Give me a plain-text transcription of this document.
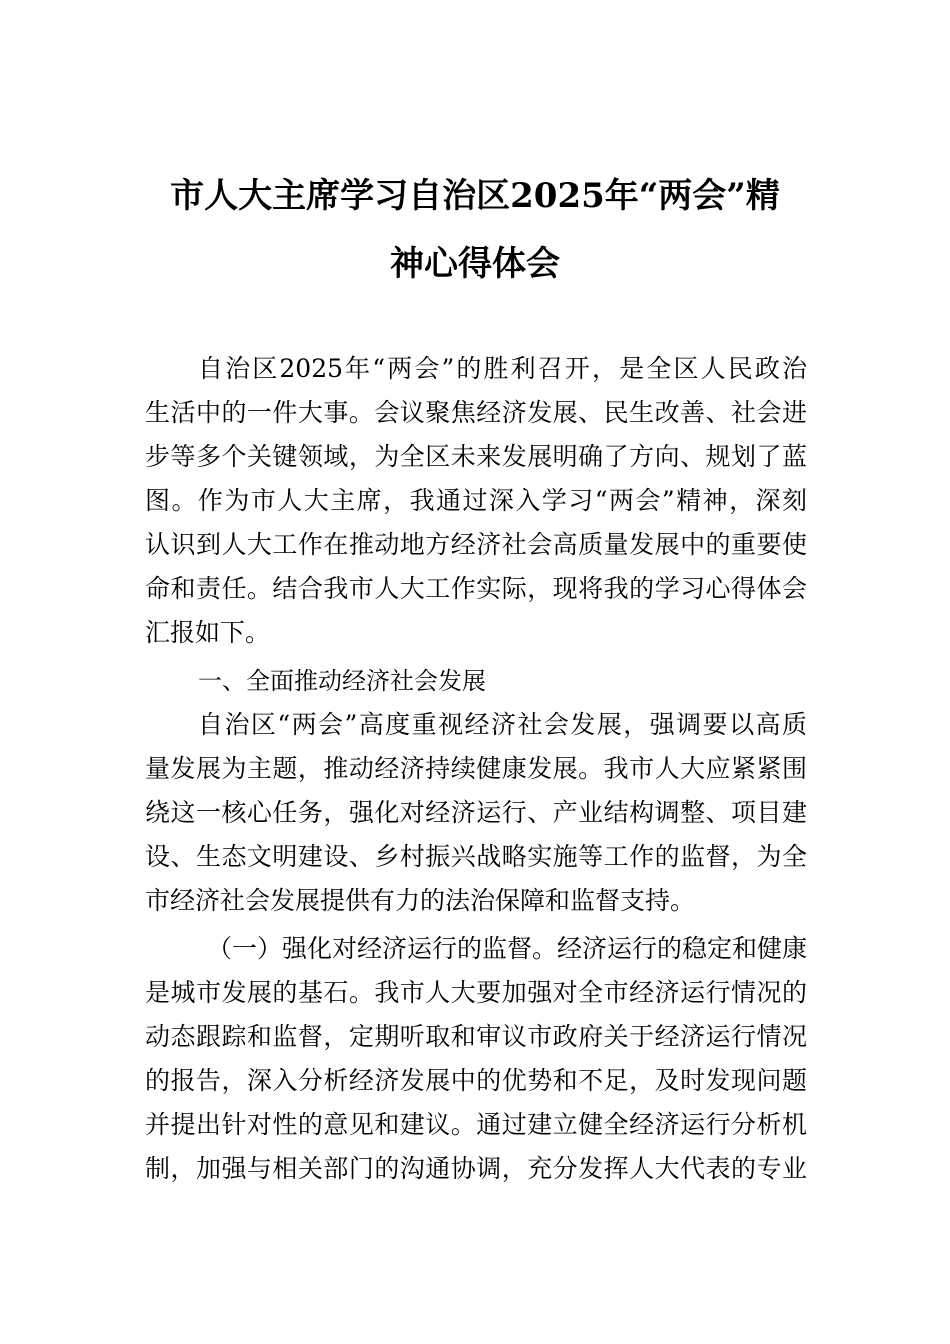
市人大主席学习自治区2025年“两会”精
神心得体会
自治区2025年“两会”的胜利召开，是全区人民政治
生活中的一件大事。会议聚焦经济发展、民生改善、社会进
步等多个关键领域，为全区未来发展明确了方向、规划了蓝
图。作为市人大主席，我通过深入学习“两会”精神，深刻
认识到人大工作在推动地方经济社会高质量发展中的重要使
命和责任。结合我市人大工作实际，现将我的学习心得体会
汇报如下。
一、全面推动经济社会发展
自治区“两会”高度重视经济社会发展，强调要以高质
量发展为主题，推动经济持续健康发展。我市人大应紧紧围
绕这一核心任务，强化对经济运行、产业结构调整、项目建
设、生态文明建设、乡村振兴战略实施等工作的监督，为全
市经济社会发展提供有力的法治保障和监督支持。
（一）强化对经济运行的监督。经济运行的稳定和健康
是城市发展的基石。我市人大要加强对全市经济运行情况的
动态跟踪和监督，定期听取和审议市政府关于经济运行情况
的报告，深入分析经济发展中的优势和不足，及时发现问题
并提出针对性的意见和建议。通过建立健全经济运行分析机
制，加强与相关部门的沟通协调，充分发挥人大代表的专业
